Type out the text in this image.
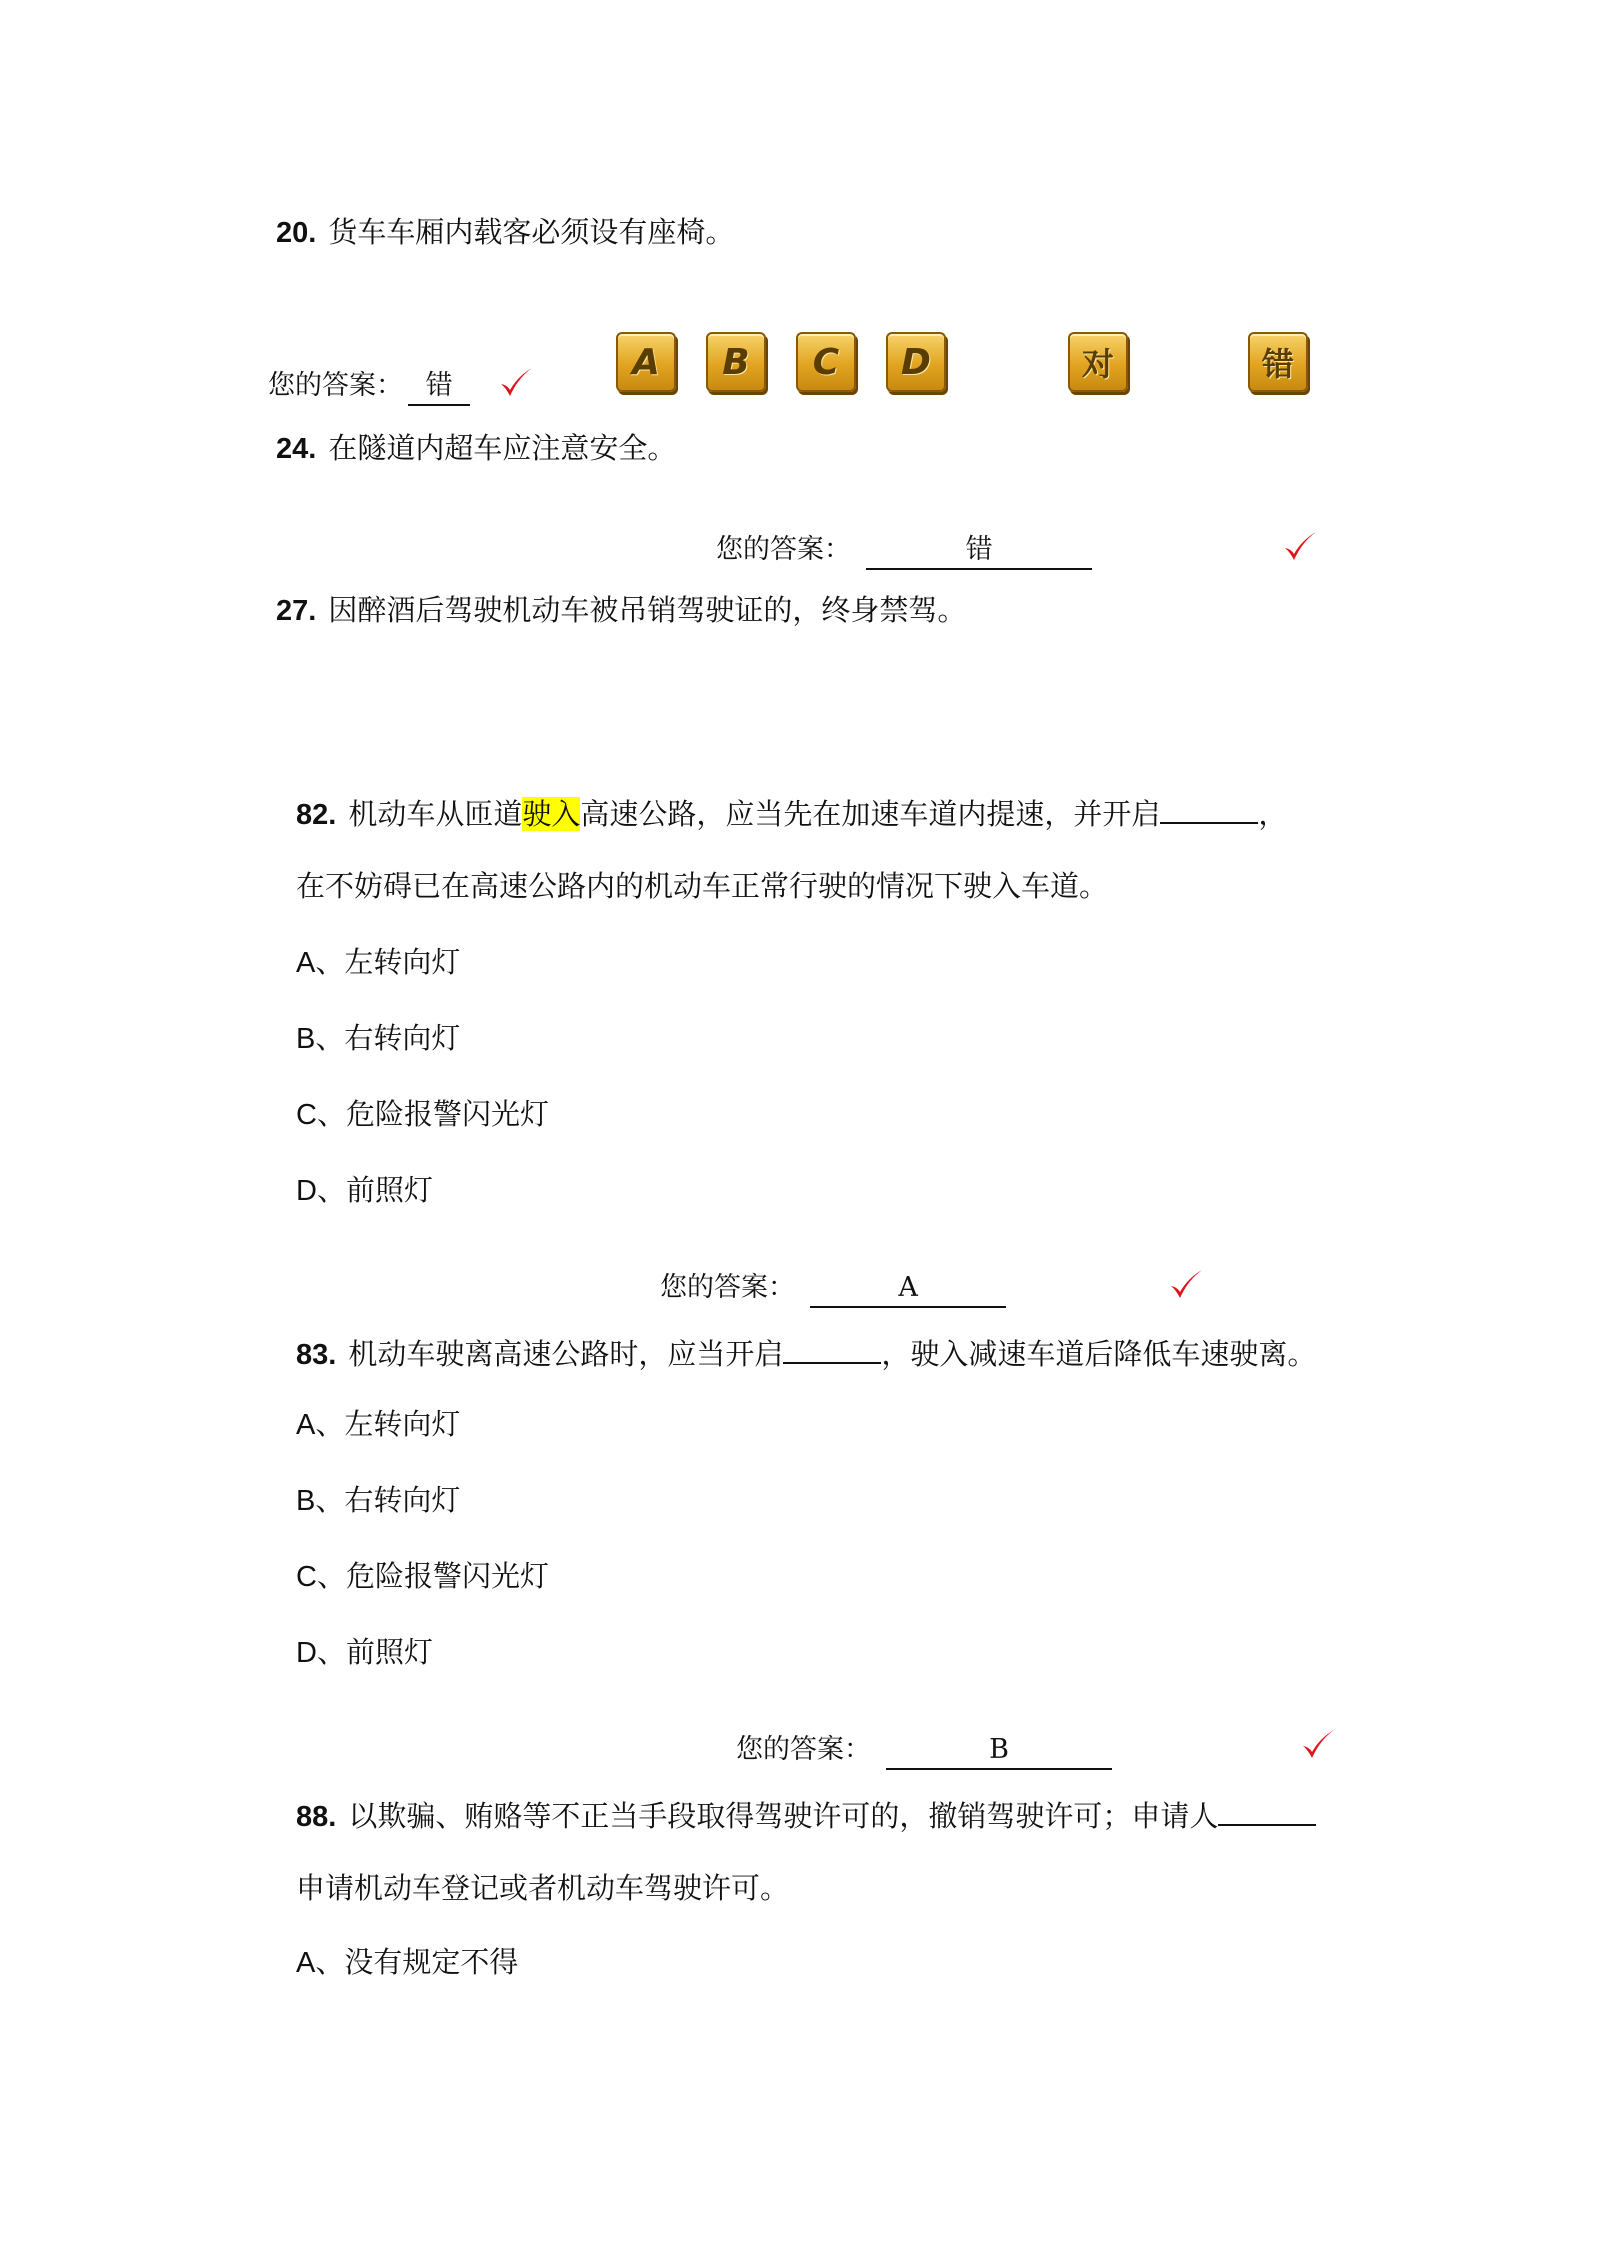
20. 货车车厢内载客必须设有座椅。
您的答案： 错
A	B	C	D	对	错
24. 在隧道内超车应注意安全。
您的答案：	错
27. 因醉酒后驾驶机动车被吊销驾驶证的，终身禁驾。
82. 机动车从匝道驶入高速公路，应当先在加速车道内提速，并开启	，
在不妨碍已在高速公路内的机动车正常行驶的情况下驶入车道。
A、左转向灯
B、右转向灯
C、危险报警闪光灯
D、前照灯
您的答案：	A
83. 机动车驶离高速公路时，应当开启	，驶入减速车道后降低车速驶离。
A、左转向灯
B、右转向灯
C、危险报警闪光灯
D、前照灯
您的答案：	B
88. 以欺骗、贿赂等不正当手段取得驾驶许可的，撤销驾驶许可；申请人
申请机动车登记或者机动车驾驶许可。
A、没有规定不得
